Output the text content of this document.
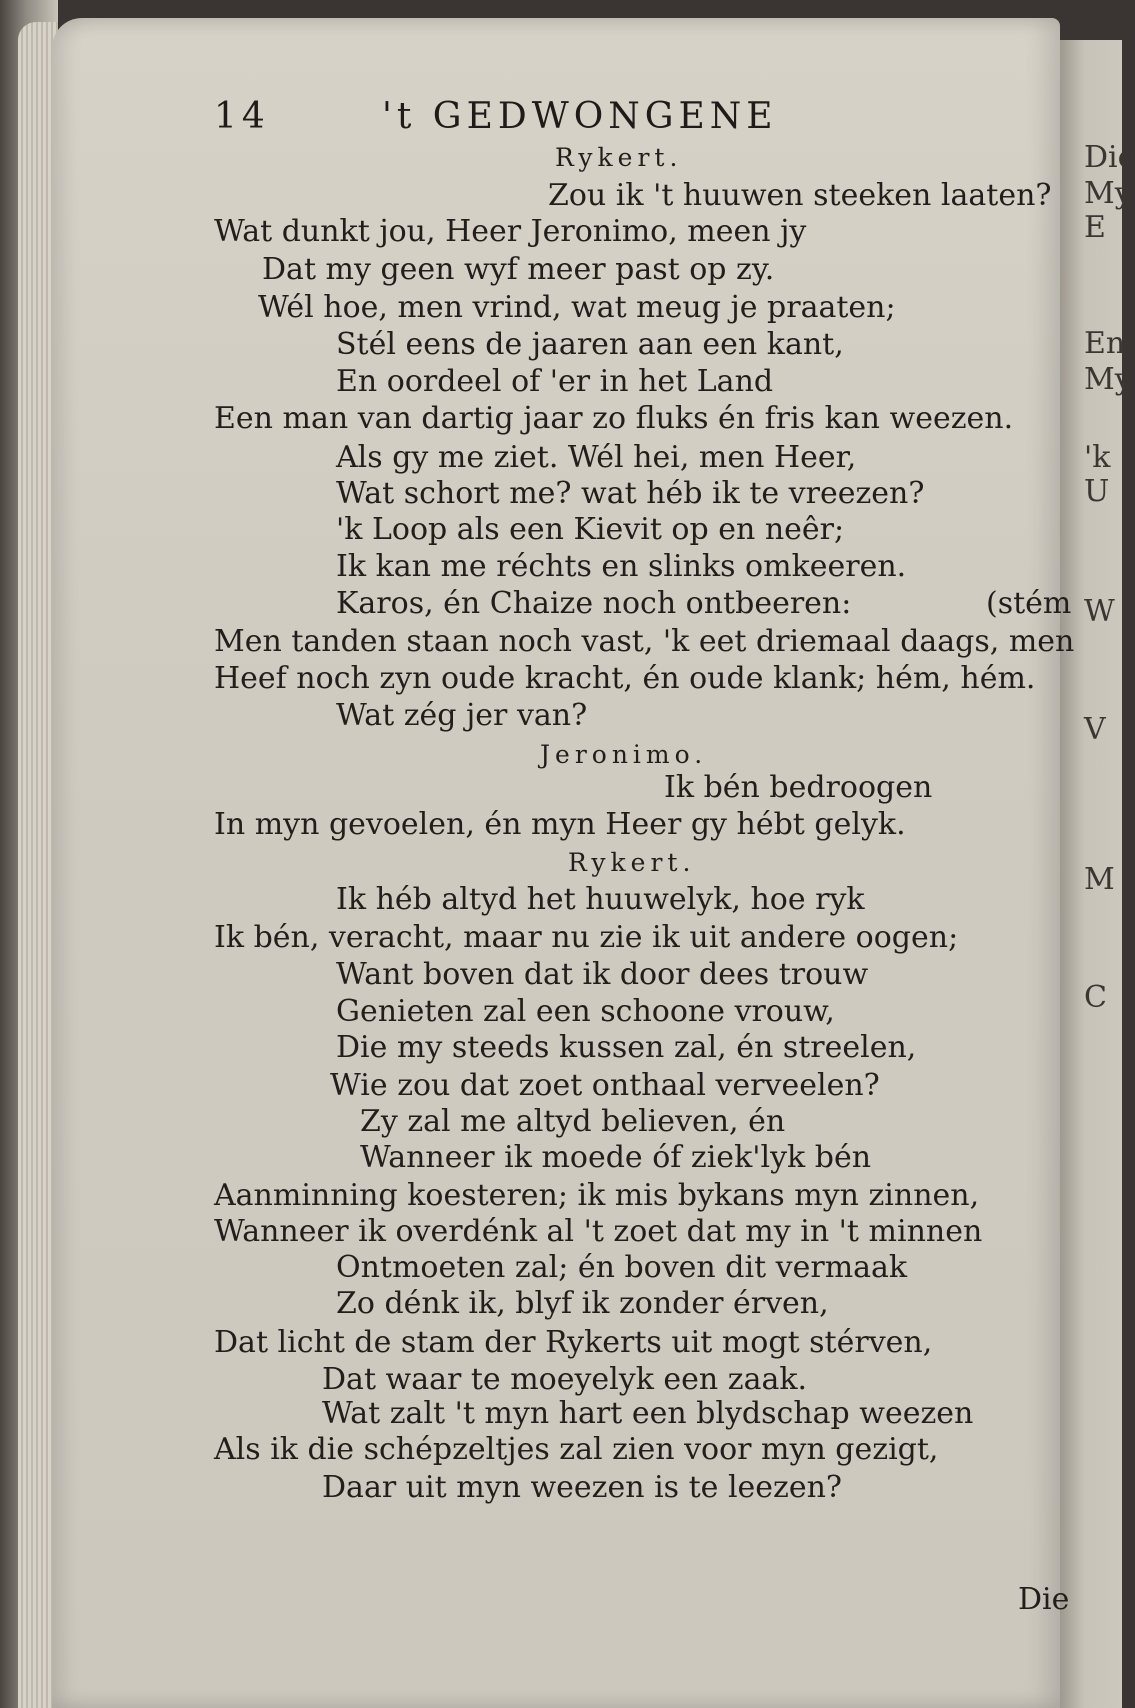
14	't GEDWONGENE
Rykert.
Zou ik 't huuwen steeken laaten?
Wat dunkt jou, Heer Jeronimo, meen jy
Dat my geen wyf meer past op zy.
Wél hoe, men vrind, wat meug je praaten;
Stél eens de jaaren aan een kant,
En oordeel of 'er in het Land
Een man van dartig jaar zo fluks én fris kan weezen.
Als gy me ziet. Wél hei, men Heer,
Wat schort me? wat héb ik te vreezen?
'k Loop als een Kievit op en neêr;
Ik kan me réchts en slinks omkeeren.
Karos, én Chaize noch ontbeeren:	(stém
Men tanden staan noch vast, 'k eet driemaal daags, men
Heef noch zyn oude kracht, én oude klank; hém, hém.
Wat zég jer van?
Jeronimo.
Ik bén bedroogen
In myn gevoelen, én myn Heer gy hébt gelyk.
Rykert.
Ik héb altyd het huuwelyk, hoe ryk
Ik bén, veracht, maar nu zie ik uit andere oogen;
Want boven dat ik door dees trouw
Genieten zal een schoone vrouw,
Die my steeds kussen zal, én streelen,
Wie zou dat zoet onthaal verveelen?
Zy zal me altyd believen, én
Wanneer ik moede óf ziek'lyk bén
Aanminning koesteren; ik mis bykans myn zinnen,
Wanneer ik overdénk al 't zoet dat my in 't minnen
Ontmoeten zal; én boven dit vermaak
Zo dénk ik, blyf ik zonder érven,
Dat licht de stam der Rykerts uit mogt stérven,
Dat waar te moeyelyk een zaak.
Wat zalt 't myn hart een blydschap weezen
Als ik die schépzeltjes zal zien voor myn gezigt,
Daar uit myn weezen is te leezen?
Die
Die
My
E
En
My
'k
U
W
V
M
C
